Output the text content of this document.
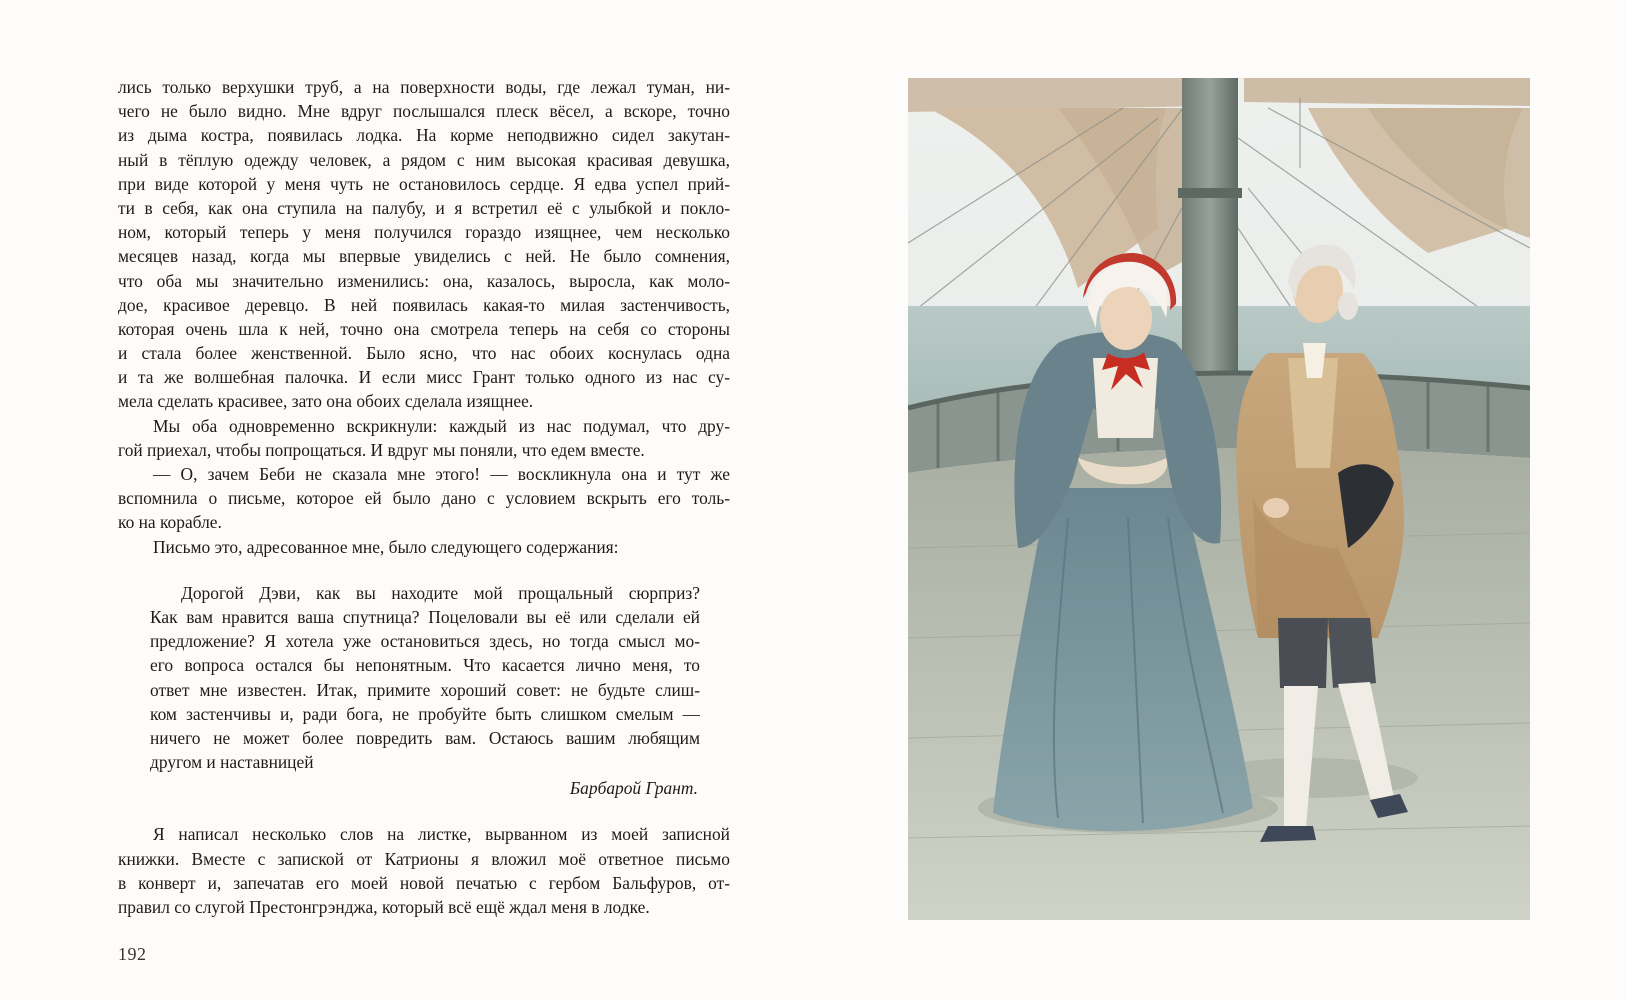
лись только верхушки труб, а на поверхности воды, где лежал туман, ни-
чего не было видно. Мне вдруг послышался плеск вёсел, а вскоре, точно
из дыма костра, появилась лодка. На корме неподвижно сидел закутан-
ный в тёплую одежду человек, а рядом с ним высокая красивая девушка,
при виде которой у меня чуть не остановилось сердце. Я едва успел прий-
ти в себя, как она ступила на палубу, и я встретил её с улыбкой и покло-
ном, который теперь у меня получился гораздо изящнее, чем несколько
месяцев назад, когда мы впервые увиделись с ней. Не было сомнения,
что оба мы значительно изменились: она, казалось, выросла, как моло-
дое, красивое деревцо. В ней появилась какая-то милая застенчивость,
которая очень шла к ней, точно она смотрела теперь на себя со стороны
и стала более женственной. Было ясно, что нас обоих коснулась одна
и та же волшебная палочка. И если мисс Грант только одного из нас су-
мела сделать красивее, зато она обоих сделала изящнее.
Мы оба одновременно вскрикнули: каждый из нас подумал, что дру-
гой приехал, чтобы попрощаться. И вдруг мы поняли, что едем вместе.
— О, зачем Беби не сказала мне этого! — воскликнула она и тут же
вспомнила о письме, которое ей было дано с условием вскрыть его толь-
ко на корабле.
Письмо это, адресованное мне, было следующего содержания:
Дорогой Дэви, как вы находите мой прощальный сюрприз?
Как вам нравится ваша спутница? Поцеловали вы её или сделали ей
предложение? Я хотела уже остановиться здесь, но тогда смысл мо-
его вопроса остался бы непонятным. Что касается лично меня, то
ответ мне известен. Итак, примите хороший совет: не будьте слиш-
ком застенчивы и, ради бога, не пробуйте быть слишком смелым —
ничего не может более повредить вам. Остаюсь вашим любящим
другом и наставницей
Барбарой Грант.
Я написал несколько слов на листке, вырванном из моей записной
книжки. Вместе с запиской от Катрионы я вложил моё ответное письмо
в конверт и, запечатав его моей новой печатью с гербом Бальфуров, от-
правил со слугой Престонгрэнджа, который всё ещё ждал меня в лодке.
192
